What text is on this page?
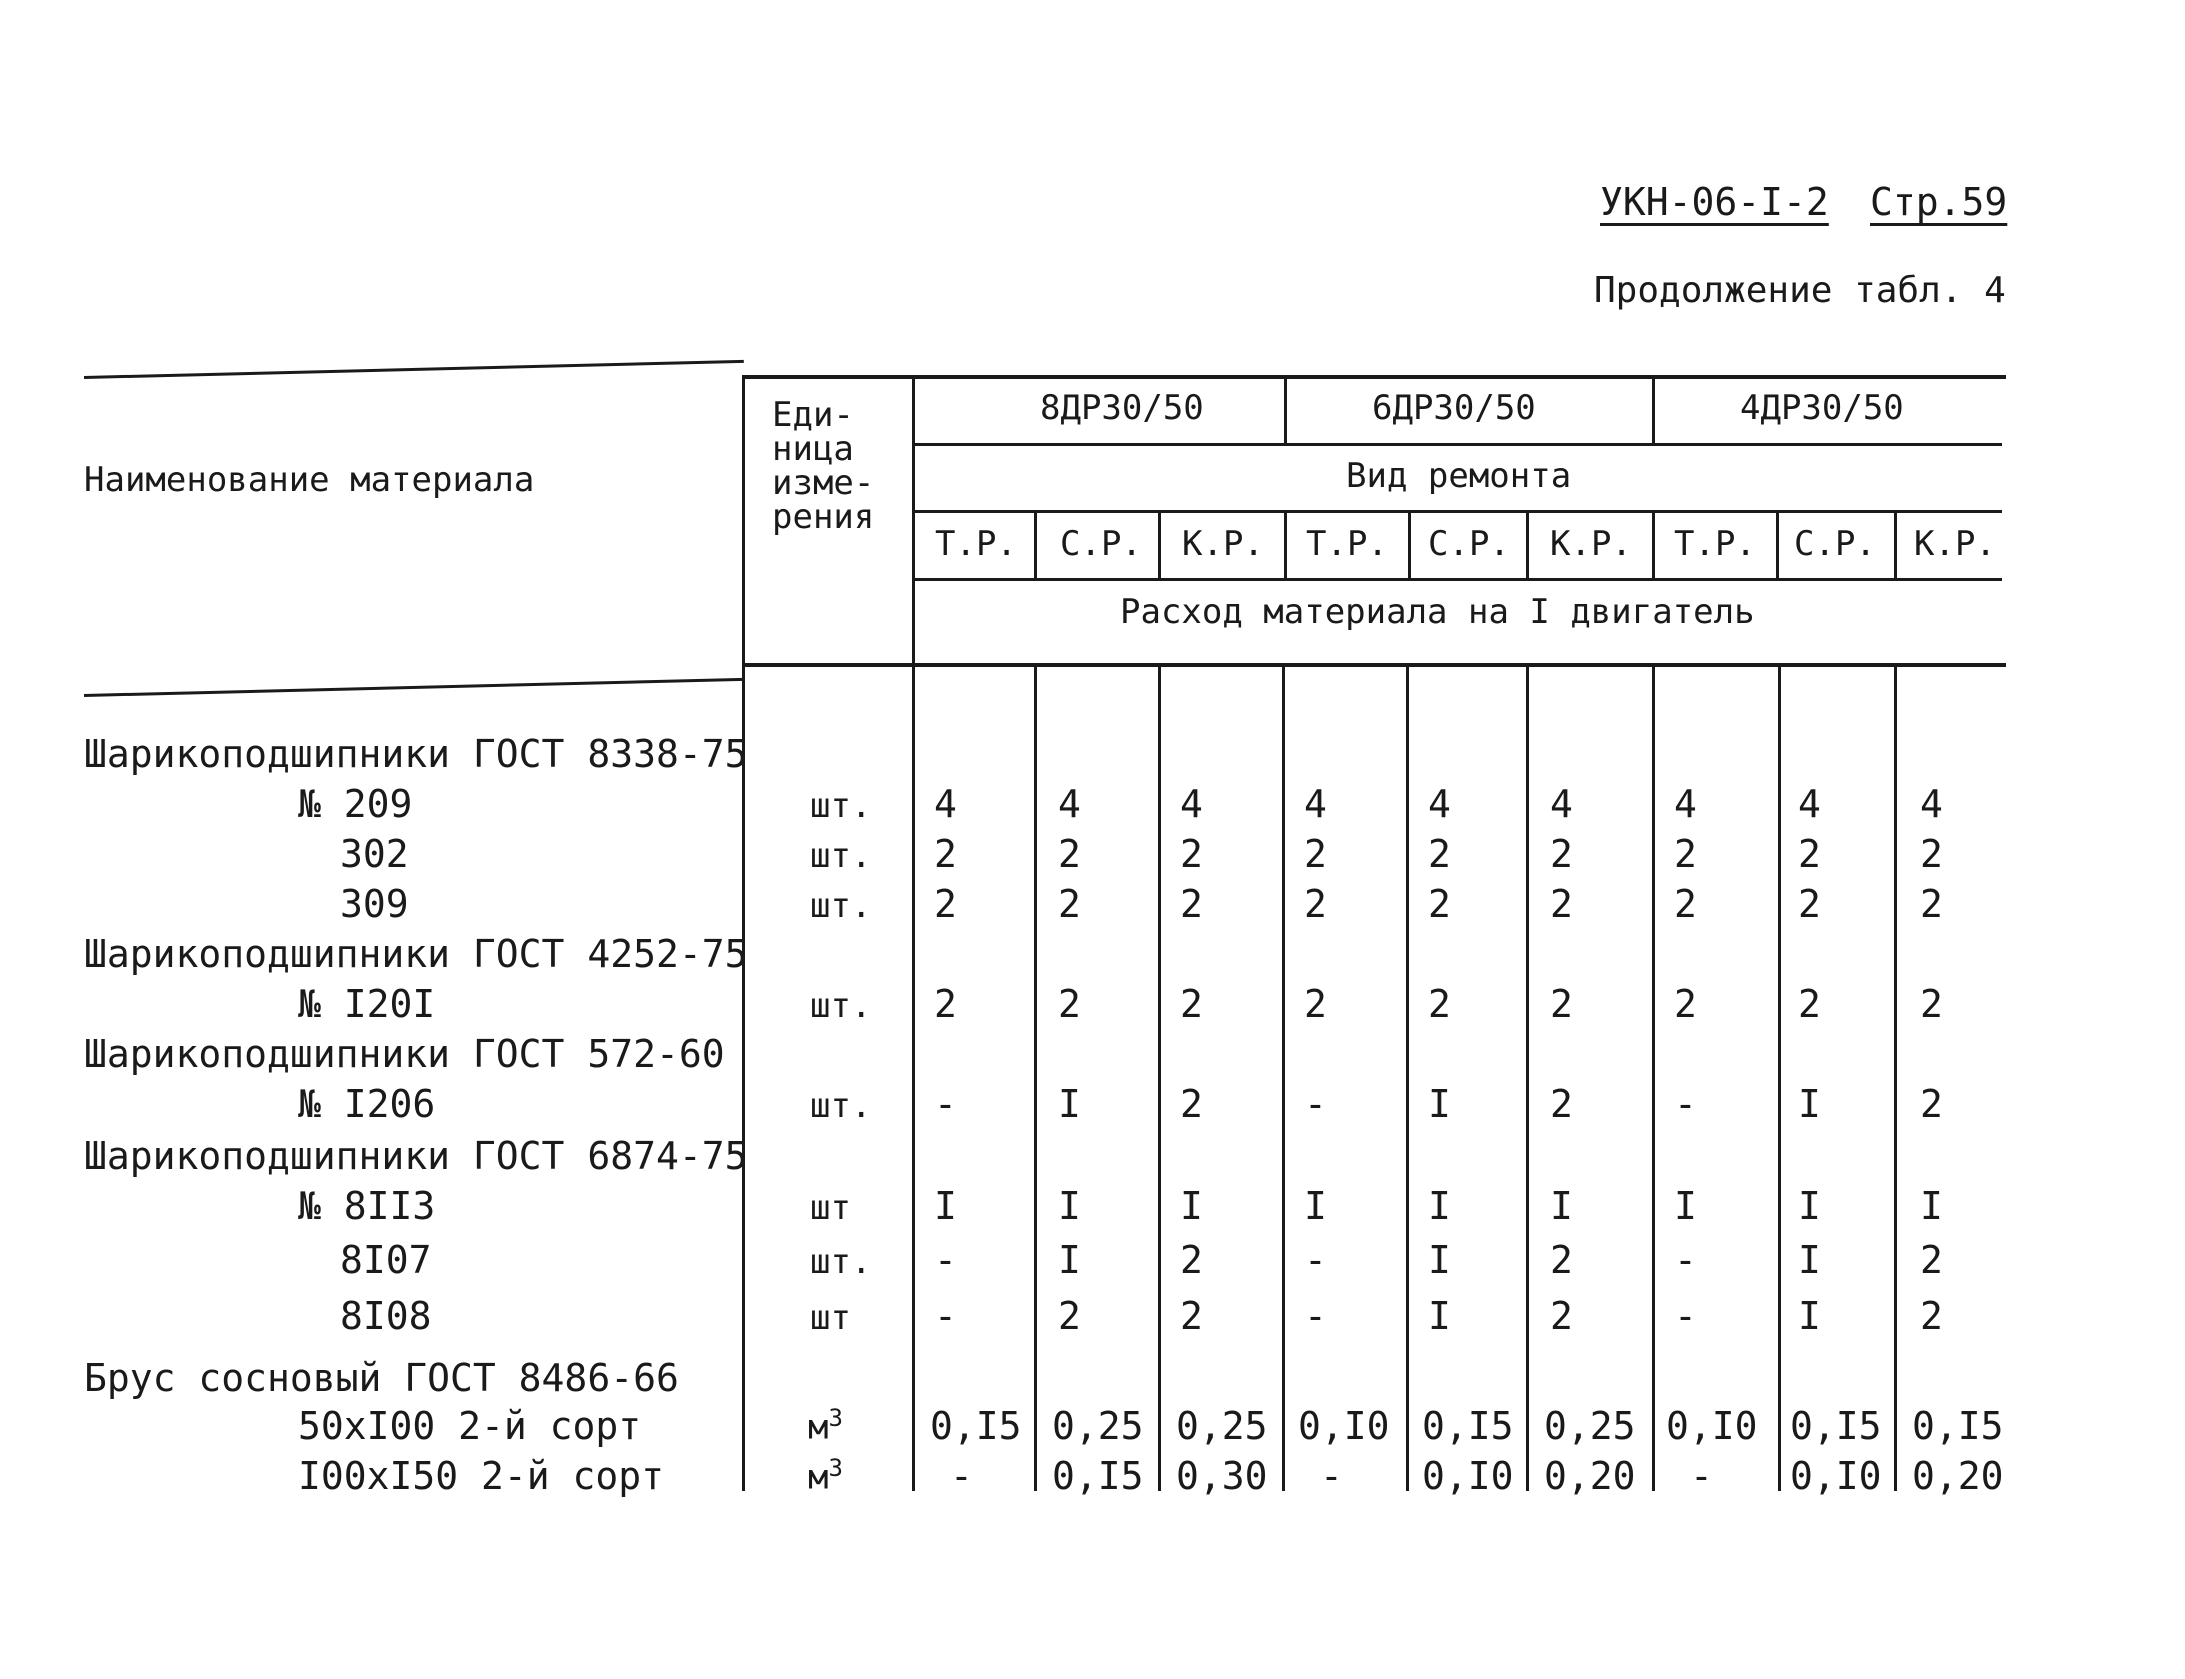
УКН-06-I-2 Стр.59
Продолжение табл. 4
Наименование материала
Еди-
ница
изме-
рения
8ДР30/50	6ДР30/50	4ДР30/50
Вид ремонта
Т.Р. С.Р. К.Р. Т.Р. С.Р. К.Р. Т.Р. С.Р. К.Р.
Расход материала на I двигатель
Шарикоподшипники ГОСТ 8338-75
Шарикоподшипники ГОСТ 4252-75
Шарикоподшипники ГОСТ 572-60
Шарикоподшипники ГОСТ 6874-75
Брус сосновый ГОСТ 8486-66
№ 209	шт. 4	4	4	4	4	4	4	4	4
302	шт. 2	2	2	2	2	2	2	2	2
309	шт. 2	2	2	2	2	2	2	2	2
№ I20I	шт. 2	2	2	2	2	2	2	2	2
№ I206	шт. -	I	2	-	I	2	-	I	2
№ 8II3	шт I	I	I	I	I	I	I	I	I
8I07	шт. -	I	2	-	I	2	-	I	2
8I08	шт -	2	2	-	I	2	-	I	2
50xI00 2-й сорт	$м^3$ 0,I5 0,25 0,25 0,I0 0,I5 0,25 0,I0 0,I5 0,I5
I00xI50 2-й сорт	$м^3$	- 0,I5 0,30 - 0,I0 0,20 - 0,I0 0,20
